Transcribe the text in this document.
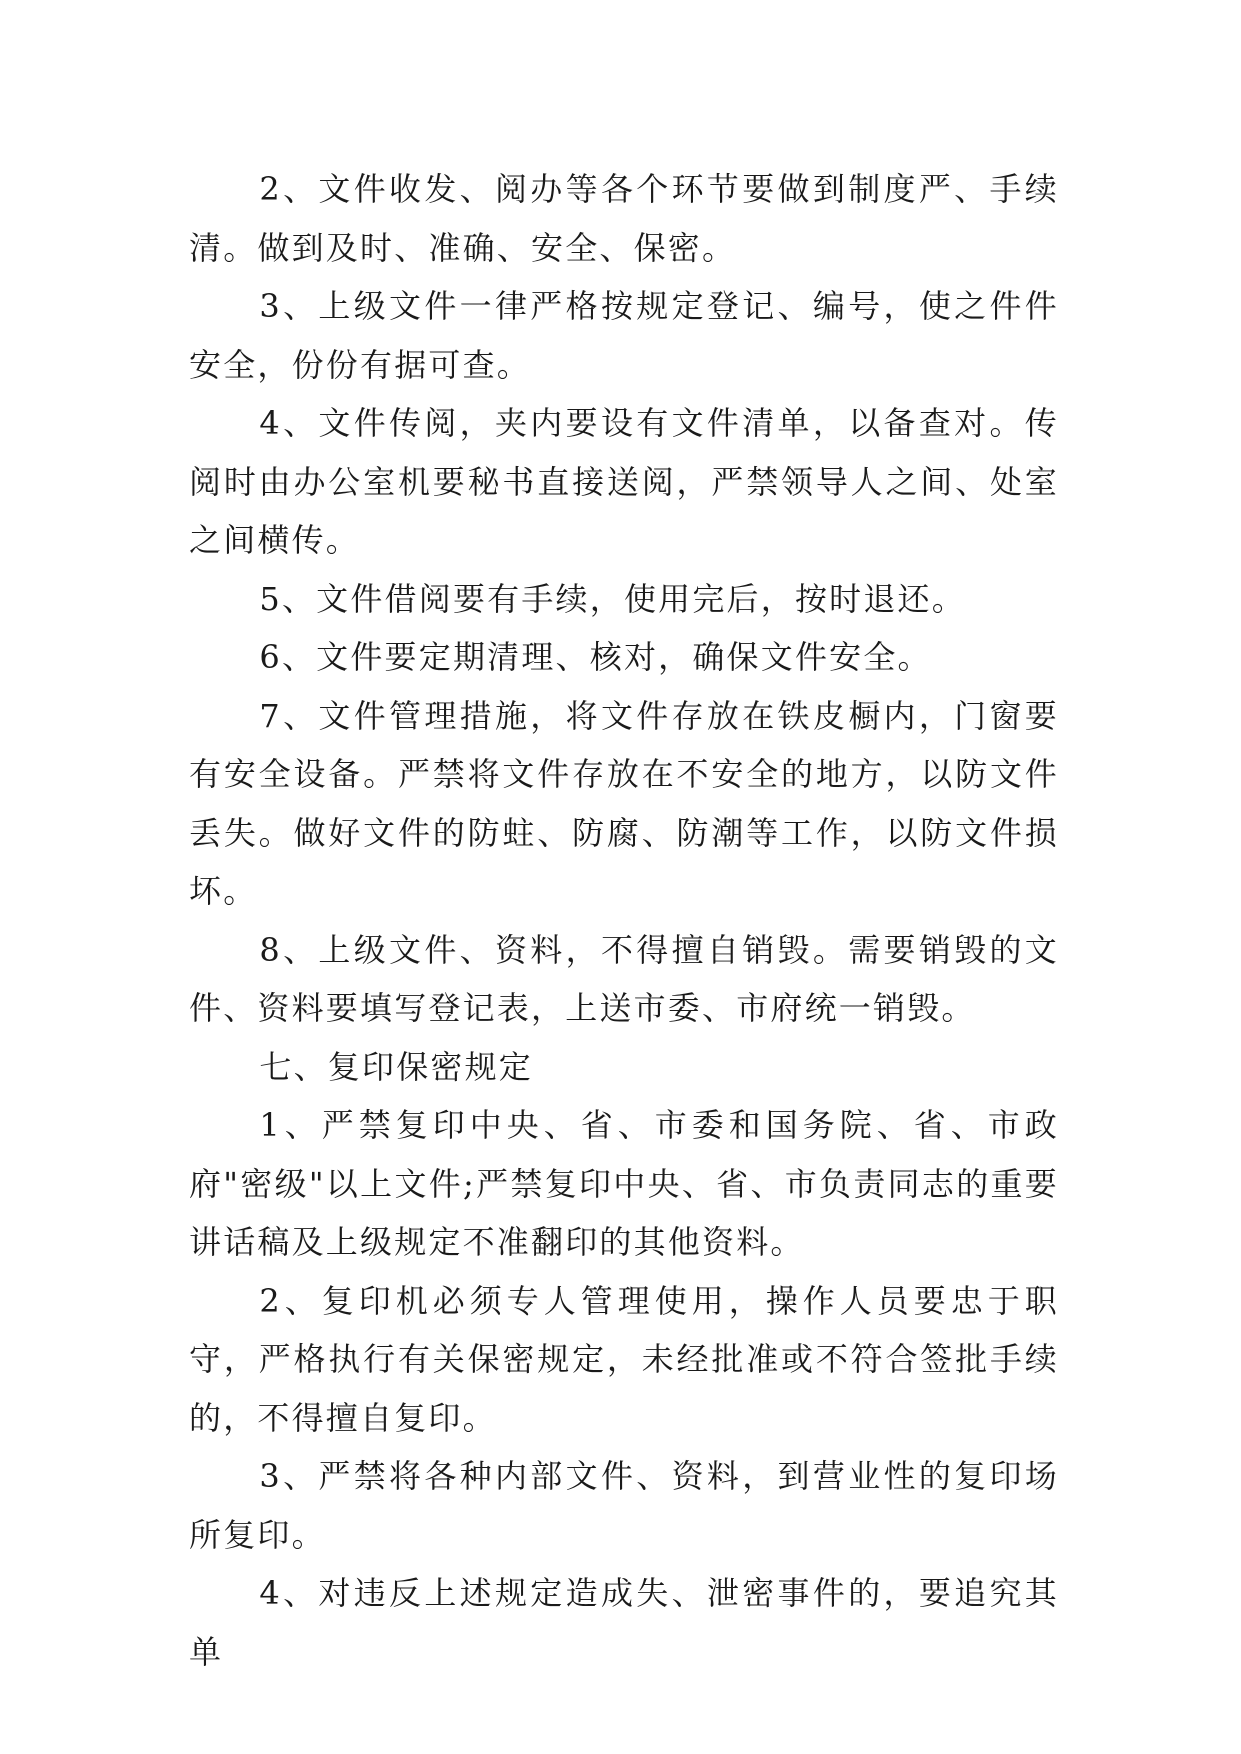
2、文件收发、阅办等各个环节要做到制度严、手续清。做到及时、准确、安全、保密。

3、上级文件一律严格按规定登记、编号，使之件件安全，份份有据可查。

4、文件传阅，夹内要设有文件清单，以备查对。传阅时由办公室机要秘书直接送阅，严禁领导人之间、处室之间横传。

5、文件借阅要有手续，使用完后，按时退还。

6、文件要定期清理、核对，确保文件安全。

7、文件管理措施，将文件存放在铁皮橱内，门窗要有安全设备。严禁将文件存放在不安全的地方，以防文件丢失。做好文件的防蛀、防腐、防潮等工作，以防文件损坏。

8、上级文件、资料，不得擅自销毁。需要销毁的文件、资料要填写登记表，上送市委、市府统一销毁。

七、复印保密规定

1、严禁复印中央、省、市委和国务院、省、市政府"密级"以上文件;严禁复印中央、省、市负责同志的重要讲话稿及上级规定不准翻印的其他资料。

2、复印机必须专人管理使用，操作人员要忠于职守，严格执行有关保密规定，未经批准或不符合签批手续的，不得擅自复印。

3、严禁将各种内部文件、资料，到营业性的复印场所复印。

4、对违反上述规定造成失、泄密事件的，要追究其单
